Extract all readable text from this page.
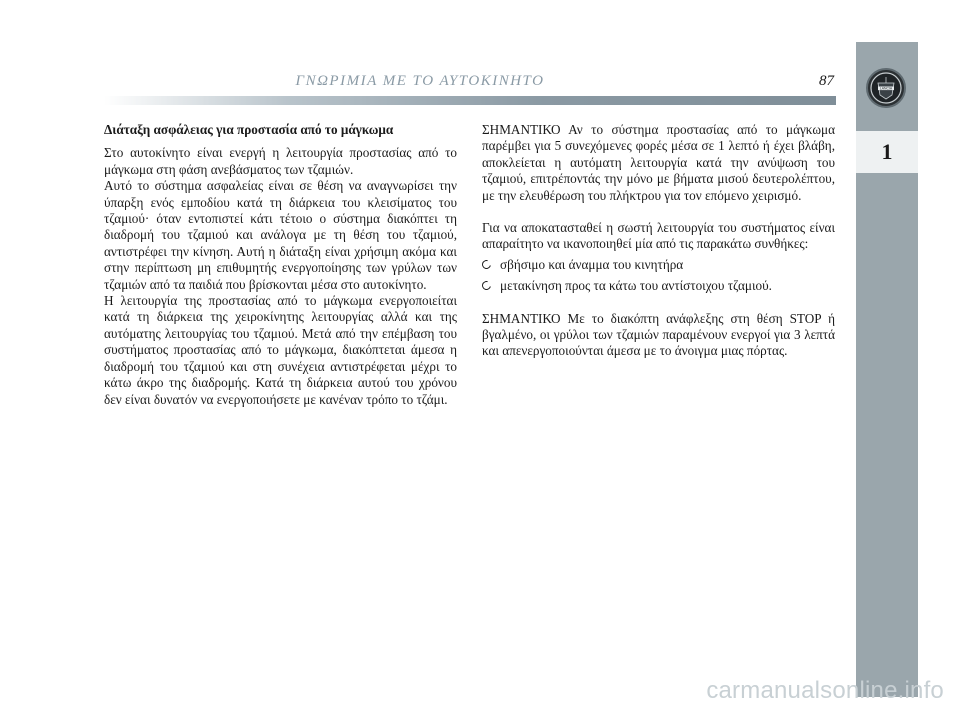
ΓΝΩΡΙΜΙΑ ΜΕ ΤΟ ΑΥΤΟΚΙΝΗΤΟ	87	LANCIA
1

Διάταξη ασφάλειας για προστασία από το μάγκωμα

Στο αυτοκίνητο είναι ενεργή η λειτουργία προστασίας από το μάγκωμα στη φάση ανεβάσματος των τζαμιών.

Αυτό το σύστημα ασφαλείας είναι σε θέση να αναγνωρίσει την ύπαρξη ενός εμποδίου κατά τη διάρκεια του κλεισίματος του τζαμιού· όταν εντοπιστεί κάτι τέτοιο ο σύστημα διακόπτει τη διαδρομή του τζαμιού και ανάλογα με τη θέση του τζαμιού, αντιστρέφει την κίνηση. Αυτή η διάταξη είναι χρήσιμη ακόμα και στην περίπτωση μη επιθυμητής ενεργοποίησης των γρύλων των τζαμιών από τα παιδιά που βρίσκονται μέσα στο αυτοκίνητο.

Η λειτουργία της προστασίας από το μάγκωμα ενεργοποιείται κατά τη διάρκεια της χειροκίνητης λειτουργίας αλλά και της αυτόματης λειτουργίας του τζαμιού. Μετά από την επέμβαση του συστήματος προστασίας από το μάγκωμα, διακόπτεται άμεσα η διαδρομή του τζαμιού και στη συνέχεια αντιστρέφεται μέχρι το κάτω άκρο της διαδρομής. Κατά τη διάρκεια αυτού του χρόνου δεν είναι δυνατόν να ενεργοποιήσετε με κανέναν τρόπο το τζάμι.

ΣΗΜΑΝΤΙΚΟ Αν το σύστημα προστασίας από το μάγκωμα παρέμβει για 5 συνεχόμενες φορές μέσα σε 1 λεπτό ή έχει βλάβη, αποκλείεται η αυτόματη λειτουργία κατά την ανύψωση του τζαμιού, επιτρέποντάς την μόνο με βήματα μισού δευτερολέπτου, με την ελευθέρωση του πλήκτρου για τον επόμενο χειρισμό.

Για να αποκατασταθεί η σωστή λειτουργία του συστήματος είναι απαραίτητο να ικανοποιηθεί μία από τις παρακάτω συνθήκες:

σβήσιμο και άναμμα του κινητήρα
μετακίνηση προς τα κάτω του αντίστοιχου τζαμιού.

ΣΗΜΑΝΤΙΚΟ Με το διακόπτη ανάφλεξης στη θέση STOP ή βγαλμένο, οι γρύλοι των τζαμιών παραμένουν ενεργοί για 3 λεπτά και απενεργοποιούνται άμεσα με το άνοιγμα μιας πόρτας.

carmanualsonline.info
